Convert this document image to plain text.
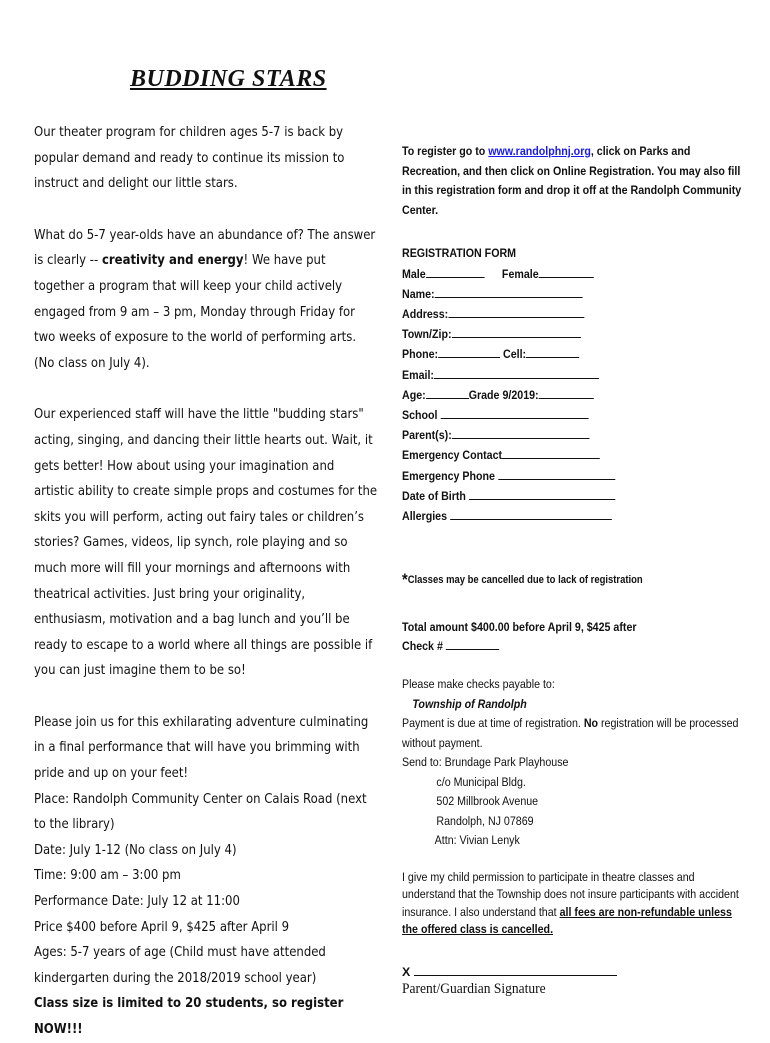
BUDDING STARS

Our theater program for children ages 5-7 is back by popular demand and ready to continue its mission to instruct and delight our little stars.

What do 5-7 year-olds have an abundance of? The answer is clearly -- creativity and energy! We have put together a program that will keep your child actively engaged from 9 am – 3 pm, Monday through Friday for two weeks of exposure to the world of performing arts. (No class on July 4).

Our experienced staff will have the little "budding stars" acting, singing, and dancing their little hearts out. Wait, it gets better! How about using your imagination and artistic ability to create simple props and costumes for the skits you will perform, acting out fairy tales or children’s stories? Games, videos, lip synch, role playing and so much more will fill your mornings and afternoons with theatrical activities. Just bring your originality, enthusiasm, motivation and a bag lunch and you’ll be ready to escape to a world where all things are possible if you can just imagine them to be so!

Please join us for this exhilarating adventure culminating in a final performance that will have you brimming with pride and up on your feet!

Place: Randolph Community Center on Calais Road (next to the library)

Date: July 1-12 (No class on July 4)

Time: 9:00 am – 3:00 pm

Performance Date: July 12 at 11:00

Price $400 before April 9, $425 after April 9

Ages: 5-7 years of age (Child must have attended kindergarten during the 2018/2019 school year)

Class size is limited to 20 students, so register NOW!!!

To register go to www.randolphnj.org, click on Parks and Recreation, and then click on Online Registration. You may also fill in this registration form and drop it off at the Randolph Community Center.
REGISTRATION FORM
Male	Female
Name:
Address:
Town/Zip:
Phone:	Cell:
Email:
Age:	Grade 9/2019:
School
Parent(s):
Emergency Contact
Emergency Phone
Date of Birth
Allergies
*Classes may be cancelled due to lack of registration
Total amount $400.00 before April 9, $425 after
Check #
Please make checks payable to:
Township of Randolph
Payment is due at time of registration. No registration will be processed without payment.
Send to: Brundage Park Playhouse
c/o Municipal Bldg.
502 Millbrook Avenue
Randolph, NJ 07869
Attn: Vivian Lenyk
I give my child permission to participate in theatre classes and understand that the Township does not insure participants with accident insurance. I also understand that all fees are non-refundable unless the offered class is cancelled.
X
Parent/Guardian Signature
